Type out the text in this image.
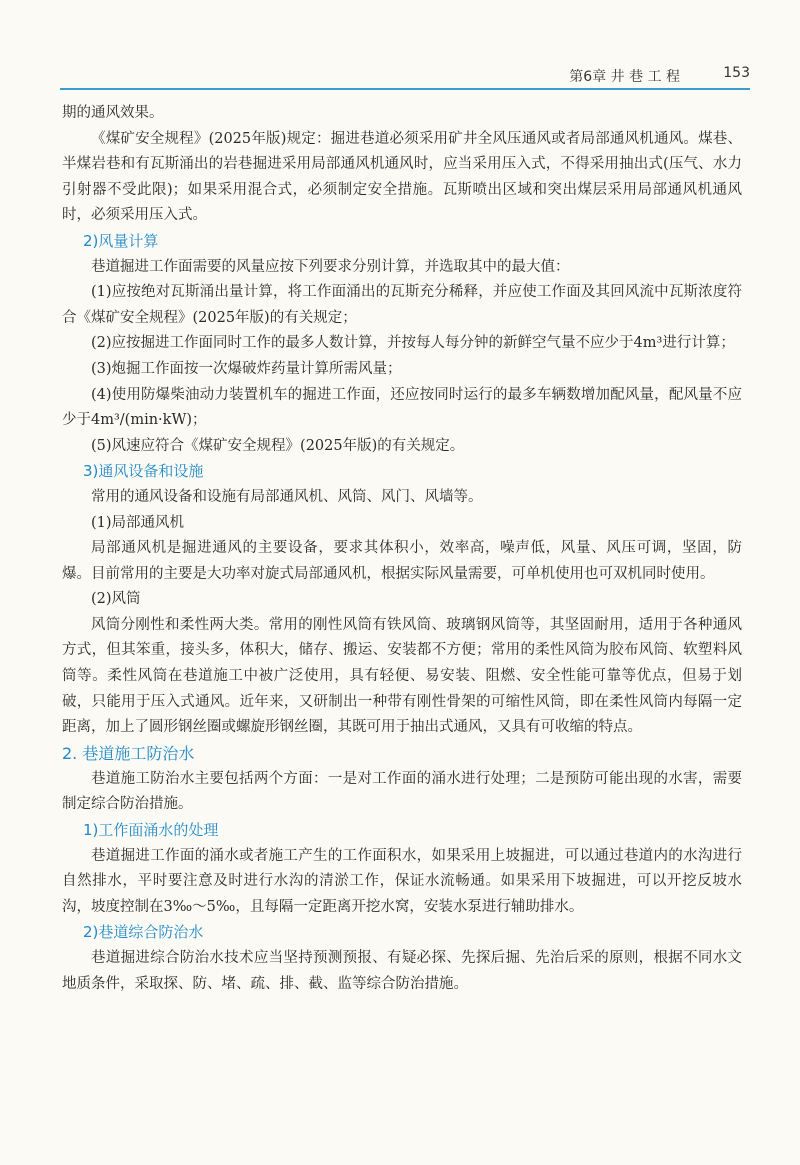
第6章 井 巷 工 程	153

期的通风效果。

《煤矿安全规程》(2025年版)规定：掘进巷道必须采用矿井全风压通风或者局部通风机通风。煤巷、半煤岩巷和有瓦斯涌出的岩巷掘进采用局部通风机通风时，应当采用压入式，不得采用抽出式(压气、水力引射器不受此限)；如果采用混合式，必须制定安全措施。瓦斯喷出区域和突出煤层采用局部通风机通风时，必须采用压入式。

2)风量计算

巷道掘进工作面需要的风量应按下列要求分别计算，并选取其中的最大值：

(1)应按绝对瓦斯涌出量计算，将工作面涌出的瓦斯充分稀释，并应使工作面及其回风流中瓦斯浓度符合《煤矿安全规程》(2025年版)的有关规定；

(2)应按掘进工作面同时工作的最多人数计算，并按每人每分钟的新鲜空气量不应少于4m³进行计算；

(3)炮掘工作面按一次爆破炸药量计算所需风量；

(4)使用防爆柴油动力装置机车的掘进工作面，还应按同时运行的最多车辆数增加配风量，配风量不应少于4m³/(min·kW)；

(5)风速应符合《煤矿安全规程》(2025年版)的有关规定。

3)通风设备和设施

常用的通风设备和设施有局部通风机、风筒、风门、风墙等。

(1)局部通风机

局部通风机是掘进通风的主要设备，要求其体积小，效率高，噪声低，风量、风压可调，坚固，防爆。目前常用的主要是大功率对旋式局部通风机，根据实际风量需要，可单机使用也可双机同时使用。

(2)风筒

风筒分刚性和柔性两大类。常用的刚性风筒有铁风筒、玻璃钢风筒等，其坚固耐用，适用于各种通风方式，但其笨重，接头多，体积大，储存、搬运、安装都不方便；常用的柔性风筒为胶布风筒、软塑料风筒等。柔性风筒在巷道施工中被广泛使用，具有轻便、易安装、阻燃、安全性能可靠等优点，但易于划破，只能用于压入式通风。近年来，又研制出一种带有刚性骨架的可缩性风筒，即在柔性风筒内每隔一定距离，加上了圆形钢丝圈或螺旋形钢丝圈，其既可用于抽出式通风，又具有可收缩的特点。

2. 巷道施工防治水

巷道施工防治水主要包括两个方面：一是对工作面的涌水进行处理；二是预防可能出现的水害，需要制定综合防治措施。

1)工作面涌水的处理

巷道掘进工作面的涌水或者施工产生的工作面积水，如果采用上坡掘进，可以通过巷道内的水沟进行自然排水，平时要注意及时进行水沟的清淤工作，保证水流畅通。如果采用下坡掘进，可以开挖反坡水沟，坡度控制在3‰～5‰，且每隔一定距离开挖水窝，安装水泵进行辅助排水。

2)巷道综合防治水

巷道掘进综合防治水技术应当坚持预测预报、有疑必探、先探后掘、先治后采的原则，根据不同水文地质条件，采取探、防、堵、疏、排、截、监等综合防治措施。
